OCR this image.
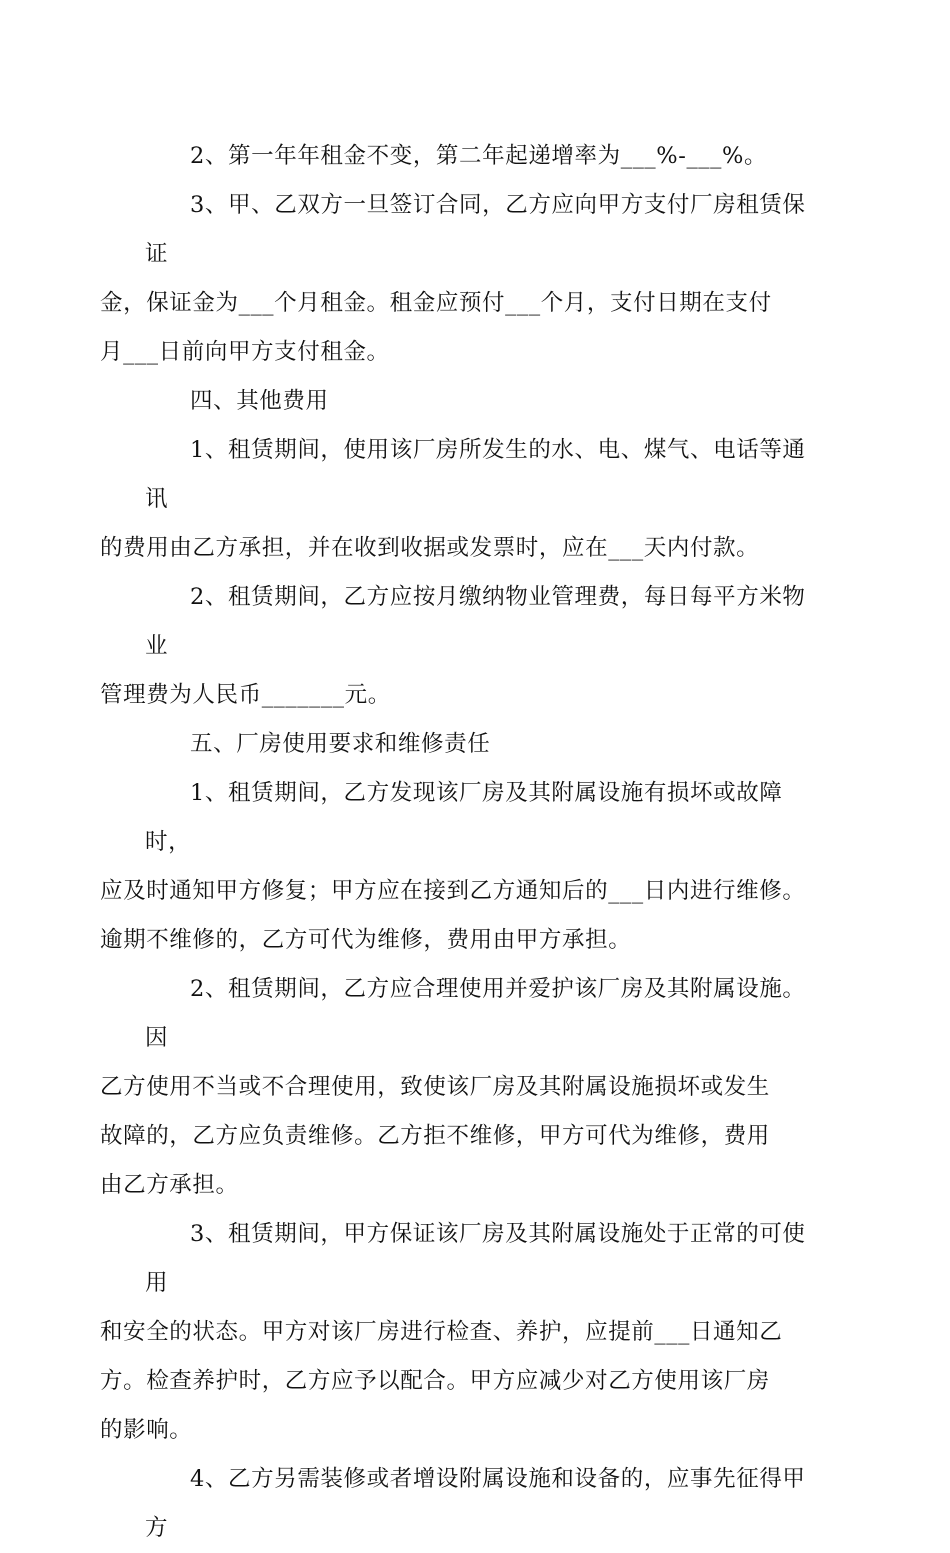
2、第一年年租金不变，第二年起递增率为___%-___%。

3、甲、乙双方一旦签订合同，乙方应向甲方支付厂房租赁保证
金，保证金为___个月租金。租金应预付___个月，支付日期在支付
月___日前向甲方支付租金。

四、其他费用

1、租赁期间，使用该厂房所发生的水、电、煤气、电话等通讯
的费用由乙方承担，并在收到收据或发票时，应在___天内付款。

2、租赁期间，乙方应按月缴纳物业管理费，每日每平方米物业
管理费为人民币_______元。

五、厂房使用要求和维修责任

1、租赁期间，乙方发现该厂房及其附属设施有损坏或故障时，
应及时通知甲方修复；甲方应在接到乙方通知后的___日内进行维修。
逾期不维修的，乙方可代为维修，费用由甲方承担。

2、租赁期间，乙方应合理使用并爱护该厂房及其附属设施。因
乙方使用不当或不合理使用，致使该厂房及其附属设施损坏或发生
故障的，乙方应负责维修。乙方拒不维修，甲方可代为维修，费用
由乙方承担。

3、租赁期间，甲方保证该厂房及其附属设施处于正常的可使用
和安全的状态。甲方对该厂房进行检查、养护，应提前___日通知乙
方。检查养护时，乙方应予以配合。甲方应减少对乙方使用该厂房
的影响。

4、乙方另需装修或者增设附属设施和设备的，应事先征得甲方
